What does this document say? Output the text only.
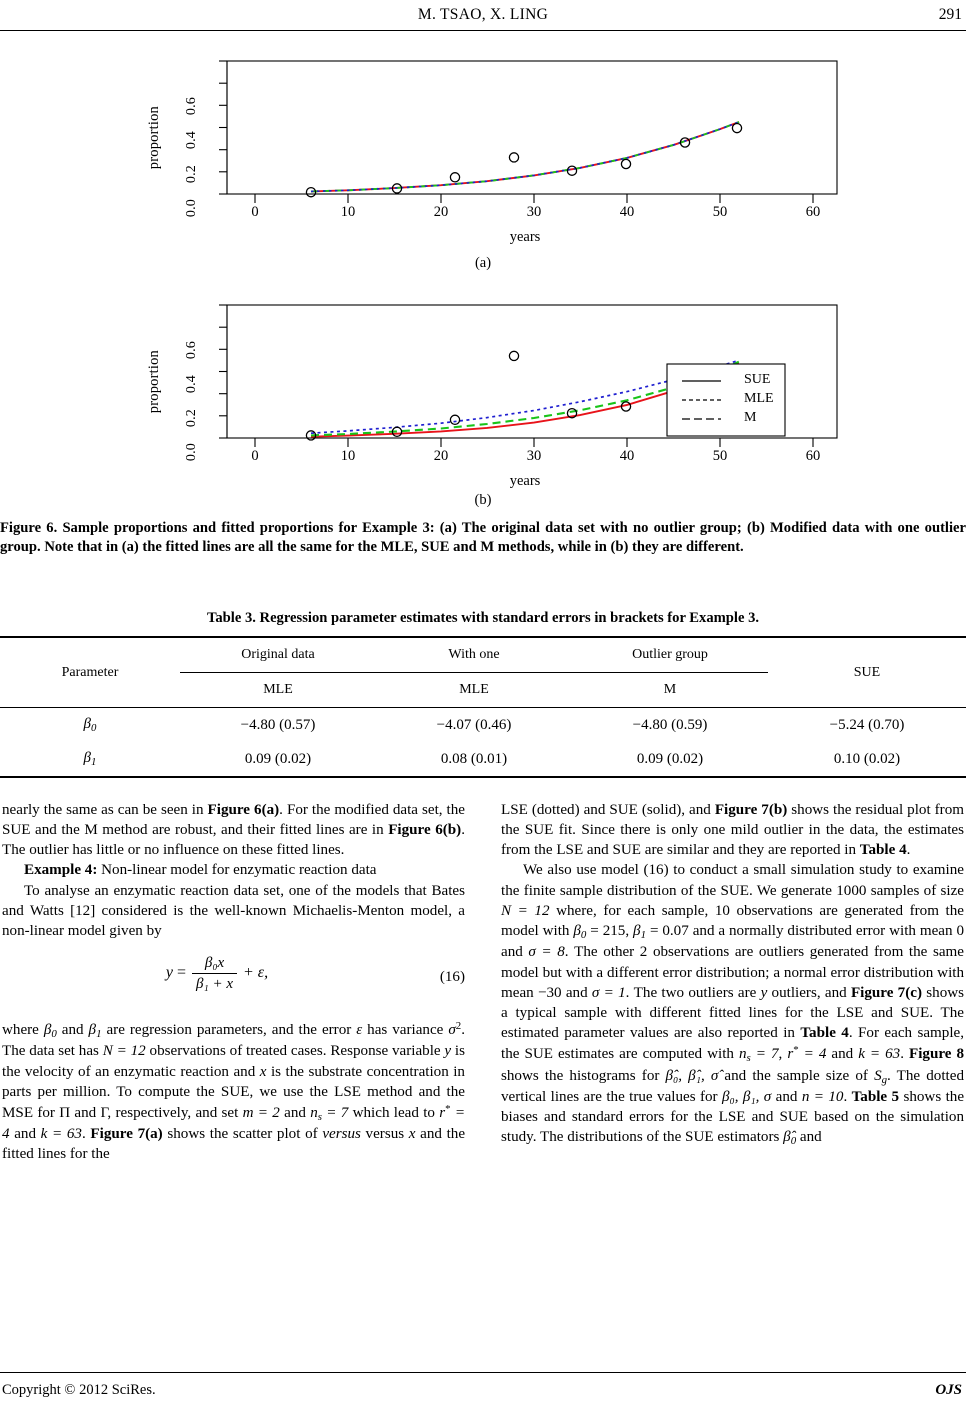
M. TSAO, X. LING	291
proportion
0.0
0.2
0.4
0.6
0	10	20	30	40	50	60
years
(a)
proportion
0.0
0.2
0.4
0.6
SUE
MLE
M
0	10	20	30	40	50	60
years
(b)
Figure 6. Sample proportions and fitted proportions for Example 3: (a) The original data set with no outlier group; (b) Modified data with one outlier group. Note that in (a) the fitted lines are all the same for the MLE, SUE and M methods, while in (b) they are different.
Table 3. Regression parameter estimates with standard errors in brackets for Example 3.

Parameter	Original data	With one	Outlier group	SUE

	MLE	MLE	M	

$\beta_0$	−4.80 (0.57)	−4.07 (0.46)	−4.80 (0.59)	−5.24 (0.70)
$\beta_1$	0.09 (0.02)	0.08 (0.01)	0.09 (0.02)	0.10 (0.02)

nearly the same as can be seen in Figure 6(a). For the modified data set, the SUE and the M method are robust, and their fitted lines are in Figure 6(b). The outlier has little or no influence on these fitted lines.

Example 4: Non-linear model for enzymatic reaction data

To analyse an enzymatic reaction data set, one of the models that Bates and Watts [12] considered is the well-known Michaelis-Menton model, a non-linear model given by

$y = \frac{\text{β₀x}}{\text{β₁ + x}} + \varepsilon$,	(16)

where $\beta_0$ and $\beta_1$ are regression parameters, and the error ε has variance $\sigma^2$. The data set has N = 12 observations of treated cases. Response variable y is the velocity of an enzymatic reaction and x is the substrate concentration in parts per million. To compute the SUE, we use the LSE method and the MSE for Π and Γ, respectively, and set m = 2 and $n_s = 7$ which lead to r* = 4 and k = 63. Figure 7(a) shows the scatter plot of versus versus x and the fitted lines for the

LSE (dotted) and SUE (solid), and Figure 7(b) shows the residual plot from the SUE fit. Since there is only one mild outlier in the data, the estimates from the LSE and SUE are similar and they are reported in Table 4.

We also use model (16) to conduct a small simulation study to examine the finite sample distribution of the SUE. We generate 1000 samples of size N = 12 where, for each sample, 10 observations are generated from the model with $\beta_0 = 215$, $\beta_1 = 0.07$ and a normally distributed error with mean 0 and σ = 8. The other 2 observations are outliers generated from the same model but with a different error distribution; a normal error distribution with mean −30 and σ = 1. The two outliers are y outliers, and Figure 7(c) shows a typical sample with different fitted lines for the LSE and SUE. The estimated parameter values are also reported in Table 4. For each sample, the SUE estimates are computed with $n_s = 7$, r* = 4 and k = 63. Figure 8 shows the histograms for β̂₀, β̂₁, σ̂ and the sample size of $S_g$. The dotted vertical lines are the true values for β₀, β₁, σ and n = 10. Table 5 shows the biases and standard errors for the LSE and SUE based on the simulation study. The distributions of the SUE estimators $\betâ_0$ and

Copyright © 2012 SciRes.	OJS
